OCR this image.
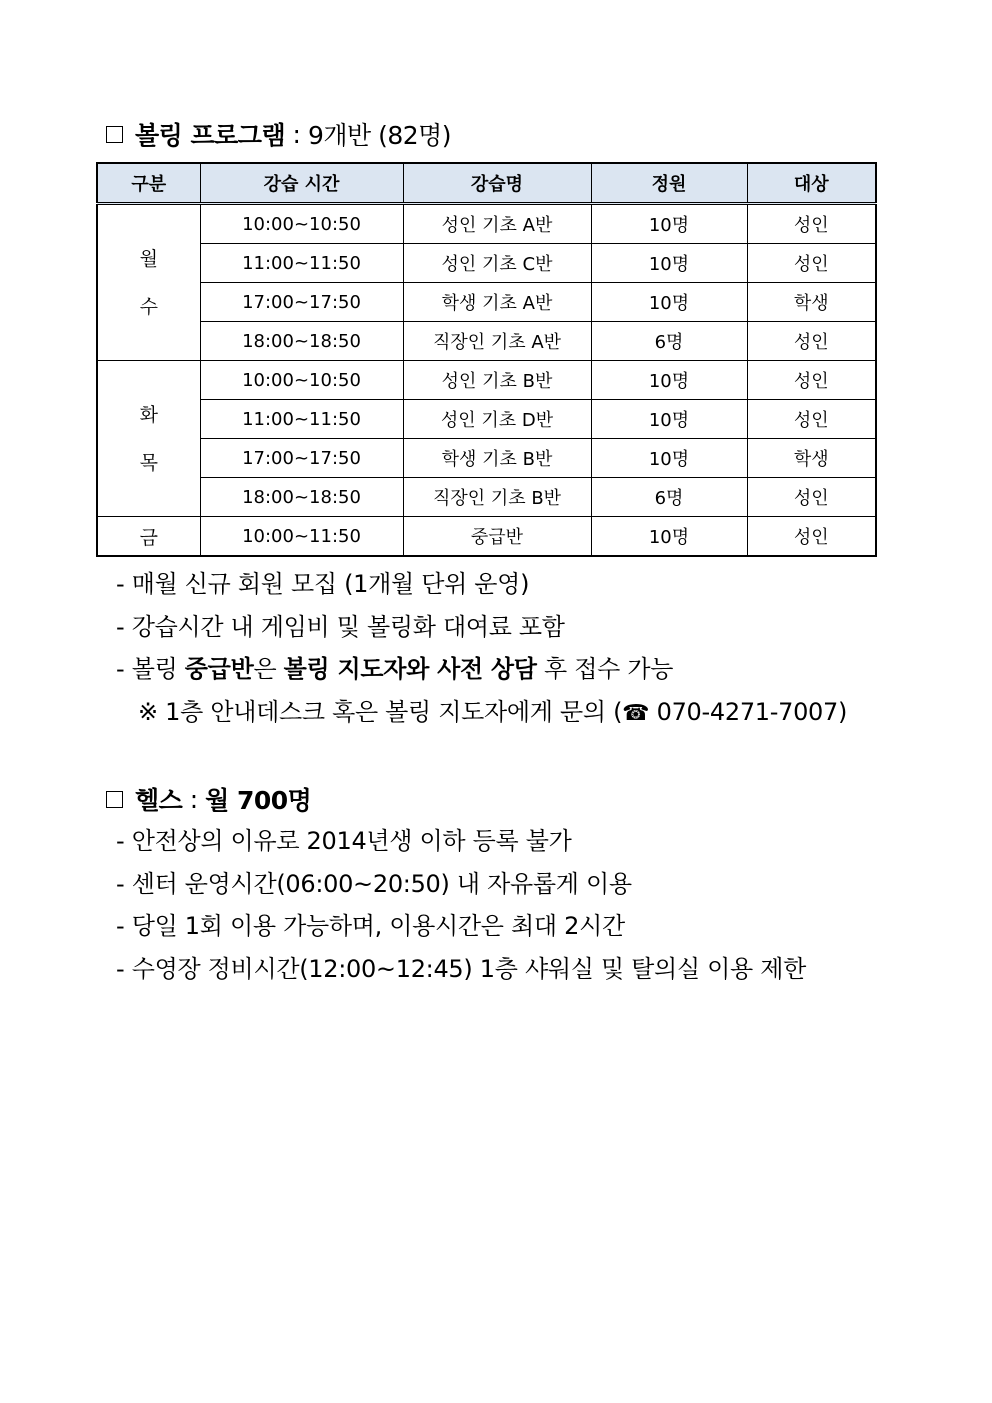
볼링 프로그램 : 9개반 (82명)
구분	강습 시간	강습명	정원	대상

월
수	10:00~10:50	성인 기초 A반	10명	성인
	11:00~11:50	성인 기초 C반	10명	성인
	17:00~17:50	학생 기초 A반	10명	학생
	18:00~18:50	직장인 기초 A반	6명	성인

화
목	10:00~10:50	성인 기초 B반	10명	성인
	11:00~11:50	성인 기초 D반	10명	성인
	17:00~17:50	학생 기초 B반	10명	학생
	18:00~18:50	직장인 기초 B반	6명	성인
금	10:00~11:50	중급반	10명	성인
- 매월 신규 회원 모집 (1개월 단위 운영)
- 강습시간 내 게임비 및 볼링화 대여료 포함
- 볼링 중급반은 볼링 지도자와 사전 상담 후 접수 가능
※ 1층 안내데스크 혹은 볼링 지도자에게 문의 (☎ 070-4271-7007)
헬스 : 월 700명
- 안전상의 이유로 2014년생 이하 등록 불가
- 센터 운영시간(06:00~20:50) 내 자유롭게 이용
- 당일 1회 이용 가능하며, 이용시간은 최대 2시간
- 수영장 정비시간(12:00~12:45) 1층 샤워실 및 탈의실 이용 제한
